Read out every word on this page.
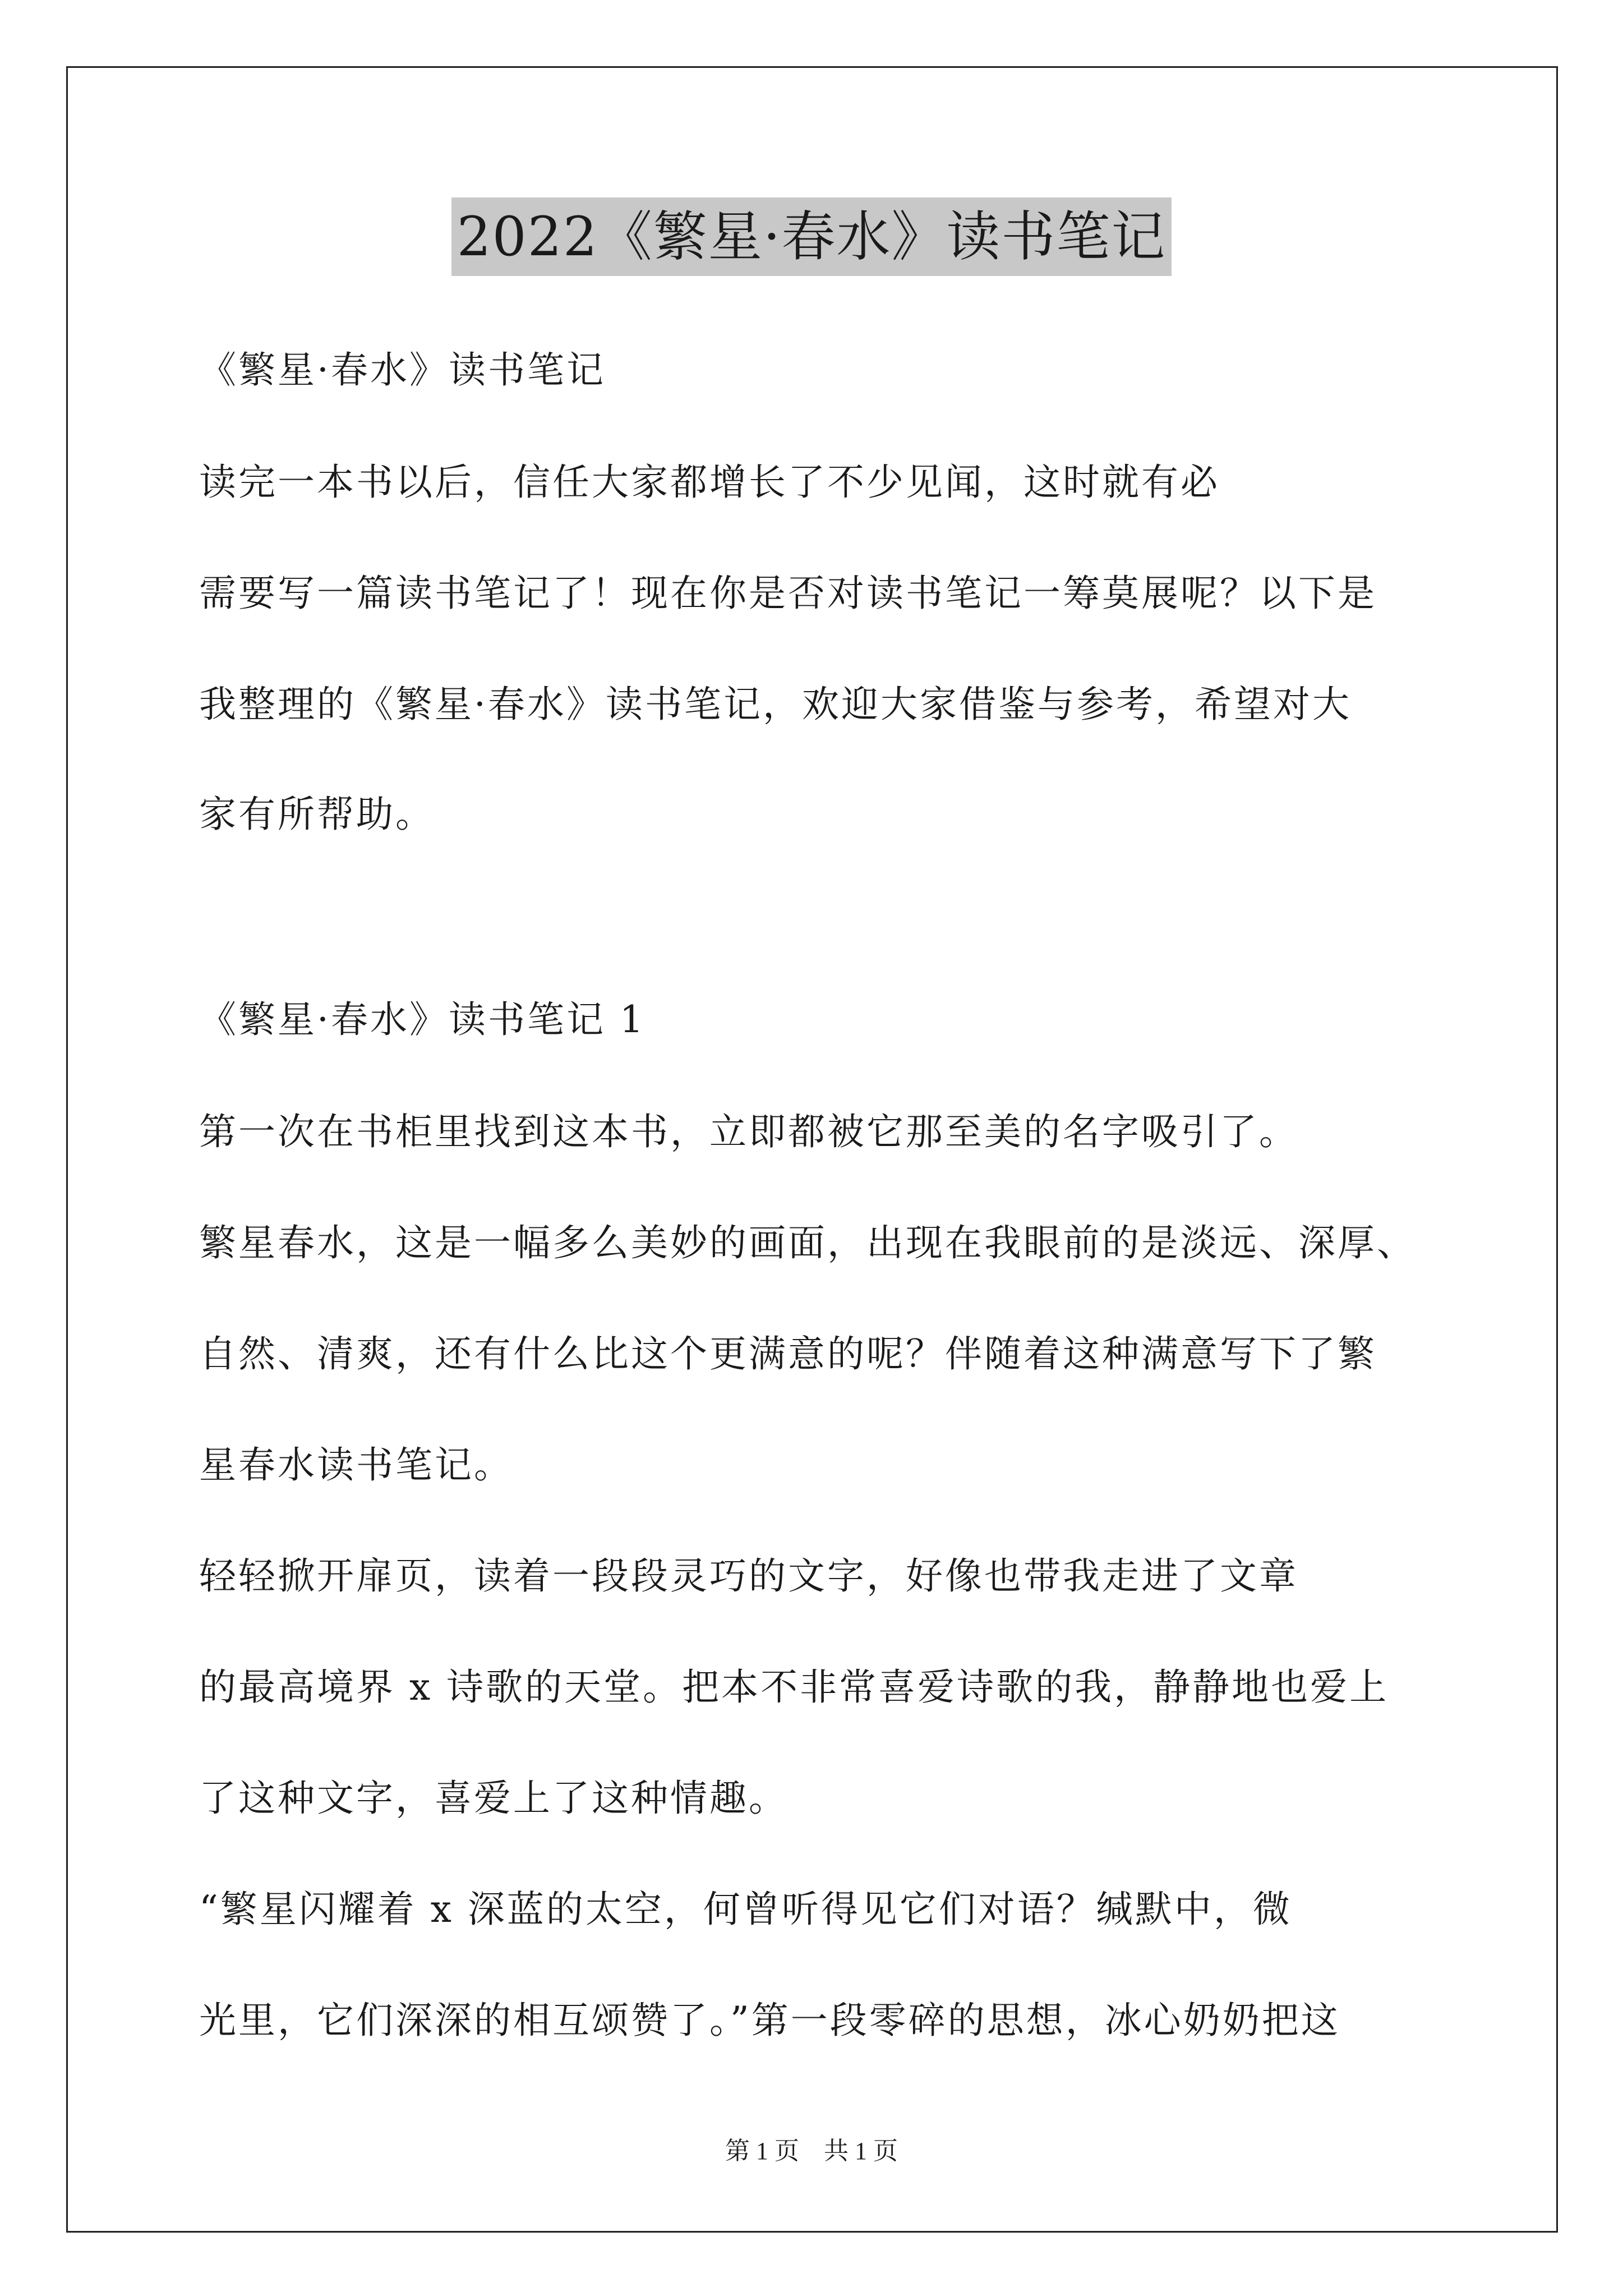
2022《繁星·春水》读书笔记
《繁星·春水》读书笔记
读完一本书以后，信任大家都增长了不少见闻，这时就有必
需要写一篇读书笔记了！现在你是否对读书笔记一筹莫展呢？以下是
我整理的《繁星·春水》读书笔记，欢迎大家借鉴与参考，希望对大
家有所帮助。
《繁星·春水》读书笔记 1
第一次在书柜里找到这本书，立即都被它那至美的名字吸引了。
繁星春水，这是一幅多么美妙的画面，出现在我眼前的是淡远、深厚、
自然、清爽，还有什么比这个更满意的呢？伴随着这种满意写下了繁
星春水读书笔记。
轻轻掀开扉页，读着一段段灵巧的文字，好像也带我走进了文章
的最高境界 x 诗歌的天堂。把本不非常喜爱诗歌的我，静静地也爱上
了这种文字，喜爱上了这种情趣。
“繁星闪耀着 x 深蓝的太空，何曾听得见它们对语？缄默中，微
光里，它们深深的相互颂赞了。”第一段零碎的思想，冰心奶奶把这
第 1 页    共 1 页
